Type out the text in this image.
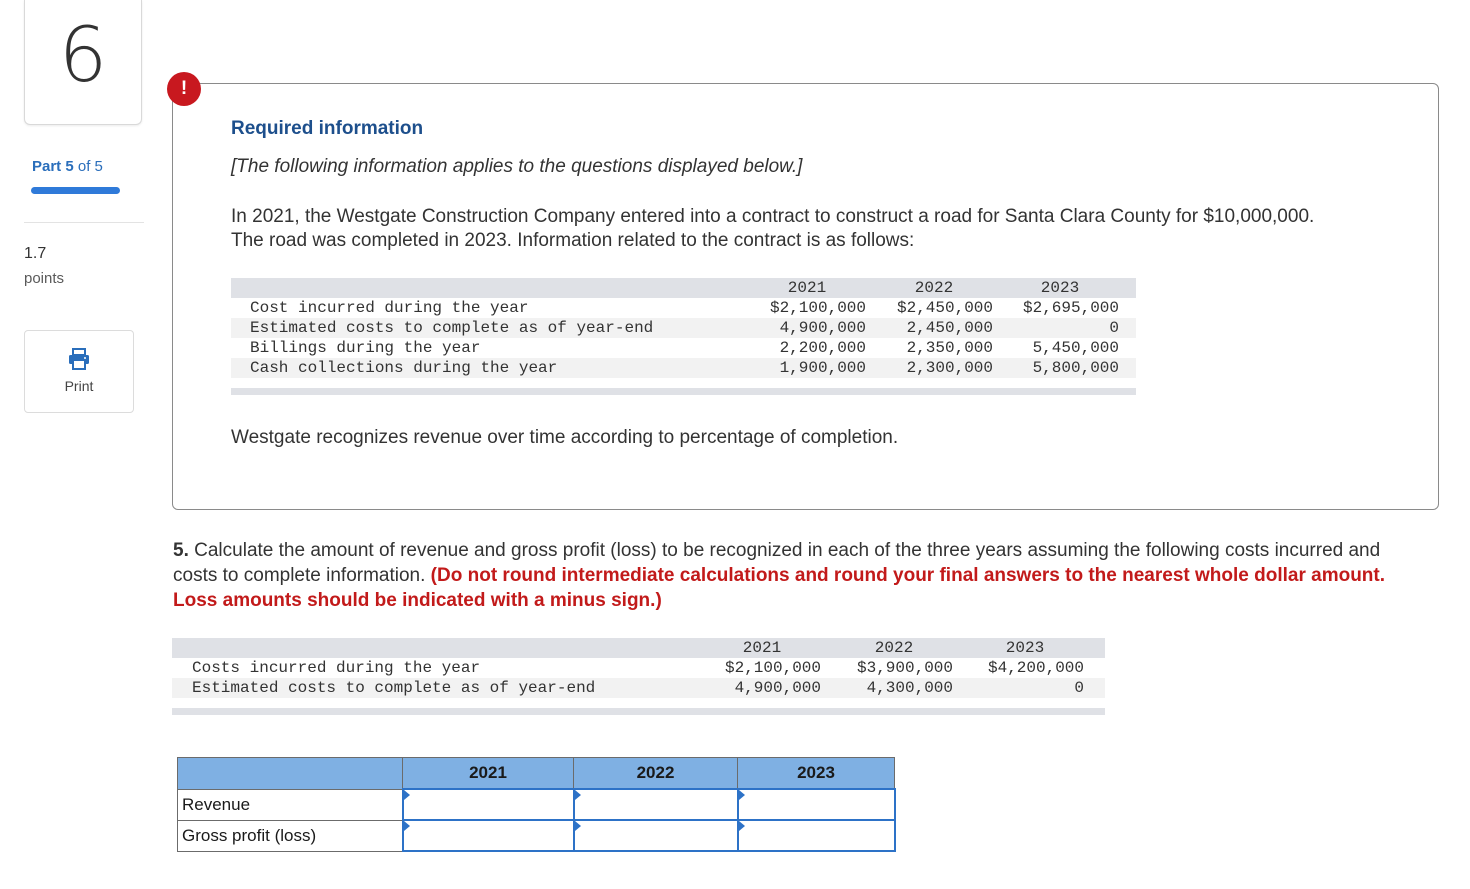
6
Part 5 of 5
1.7
points
Print
!
Required information
[The following information applies to the questions displayed below.]
In 2021, the Westgate Construction Company entered into a contract to construct a road for Santa Clara County for $10,000,000. The road was completed in 2023. Information related to the contract is as follows:
2021	2022	2023
Cost incurred during the year	$2,100,000	$2,450,000	$2,695,000
Estimated costs to complete as of year-end	4,900,000	2,450,000	0
Billings during the year	2,200,000	2,350,000	5,450,000
Cash collections during the year	1,900,000	2,300,000	5,800,000
Westgate recognizes revenue over time according to percentage of completion.
5. Calculate the amount of revenue and gross profit (loss) to be recognized in each of the three years assuming the following costs incurred and costs to complete information. (Do not round intermediate calculations and round your final answers to the nearest whole dollar amount. Loss amounts should be indicated with a minus sign.)
2021	2022	2023
Costs incurred during the year	$2,100,000	$3,900,000	$4,200,000
Estimated costs to complete as of year-end	4,900,000	4,300,000	0
	2021	2022	2023
Revenue	

Gross profit (loss)	
